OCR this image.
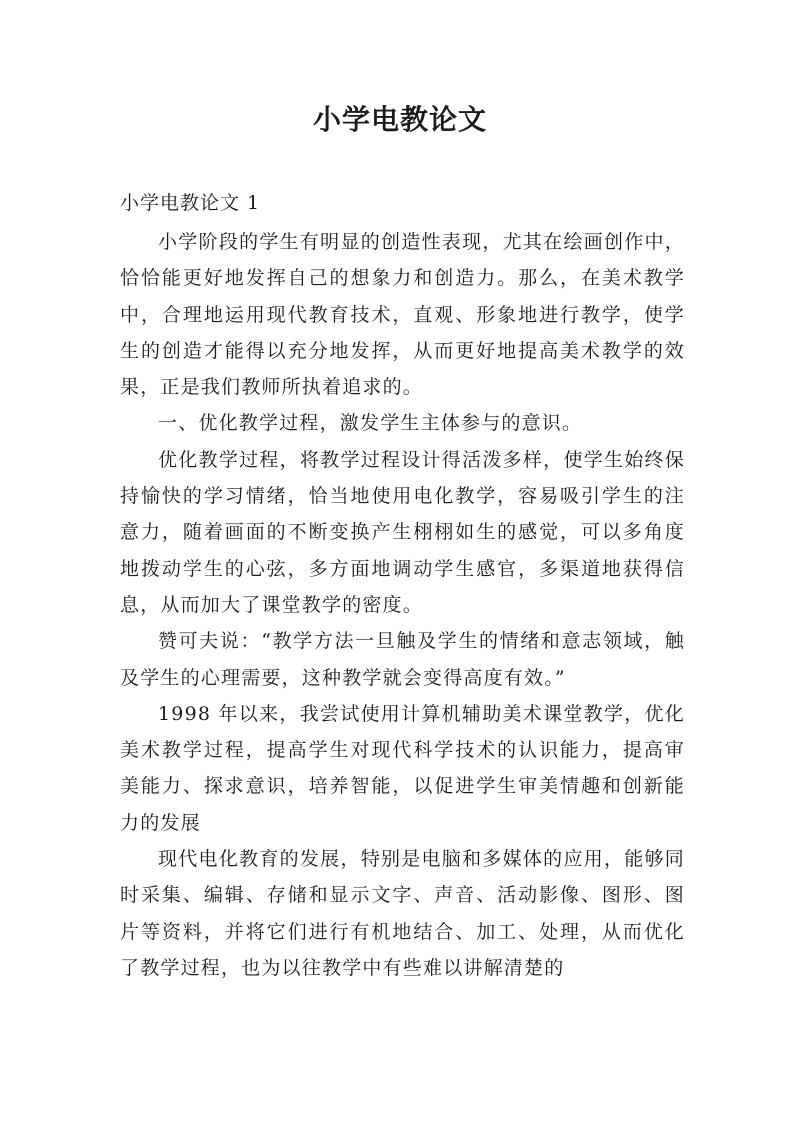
小学电教论文

小学电教论文 1

小学阶段的学生有明显的创造性表现，尤其在绘画创作中，恰恰能更好地发挥自己的想象力和创造力。那么，在美术教学中，合理地运用现代教育技术，直观、形象地进行教学，使学生的创造才能得以充分地发挥，从而更好地提高美术教学的效果，正是我们教师所执着追求的。

一、优化教学过程，激发学生主体参与的意识。

优化教学过程，将教学过程设计得活泼多样，使学生始终保持愉快的学习情绪，恰当地使用电化教学，容易吸引学生的注意力，随着画面的不断变换产生栩栩如生的感觉，可以多角度地拨动学生的心弦，多方面地调动学生感官，多渠道地获得信息，从而加大了课堂教学的密度。

赞可夫说：“教学方法一旦触及学生的情绪和意志领域，触及学生的心理需要，这种教学就会变得高度有效。”

1998 年以来，我尝试使用计算机辅助美术课堂教学，优化美术教学过程，提高学生对现代科学技术的认识能力，提高审美能力、探求意识，培养智能，以促进学生审美情趣和创新能力的发展

现代电化教育的发展，特别是电脑和多媒体的应用，能够同时采集、编辑、存储和显示文字、声音、活动影像、图形、图片等资料，并将它们进行有机地结合、加工、处理，从而优化了教学过程，也为以往教学中有些难以讲解清楚的
